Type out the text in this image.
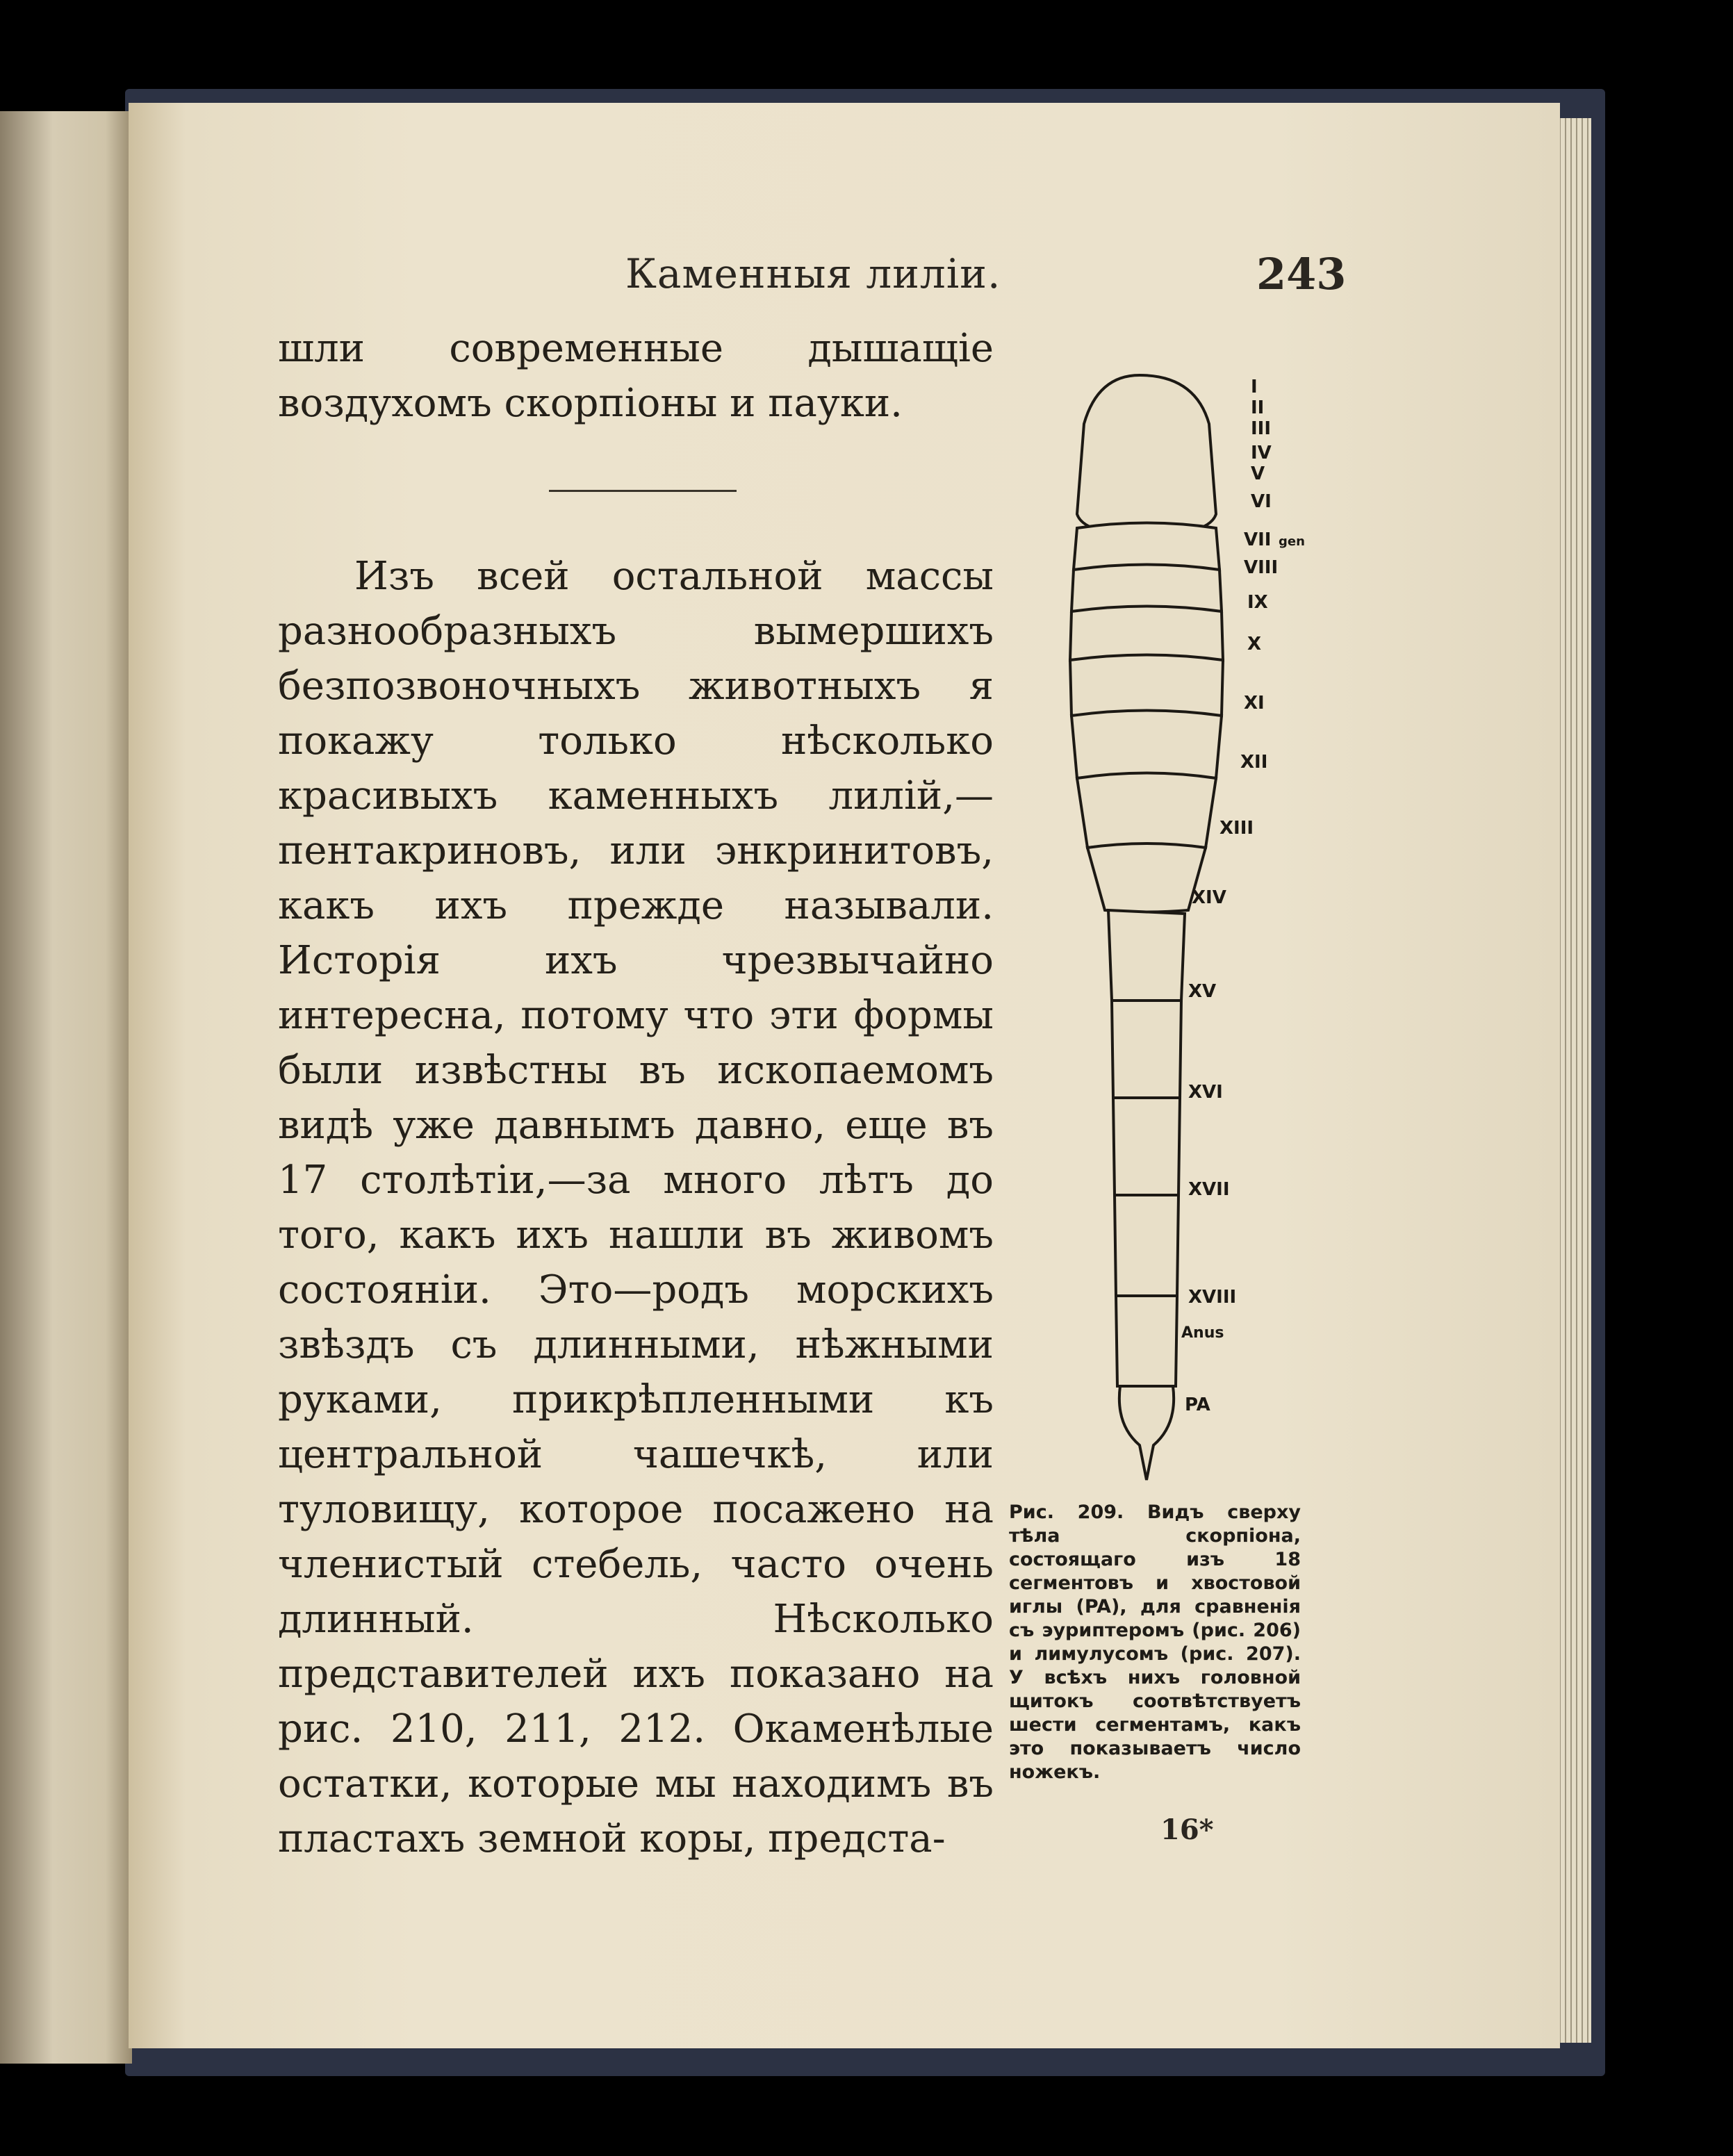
Каменныя лиліи.	243

шли современные дышащіе воздухомъ скорпіоны и пауки.

Изъ всей остальной массы разнообразныхъ вымершихъ безпозвоночныхъ животныхъ я покажу только нѣсколько красивыхъ каменныхъ лилій,—пентакриновъ, или энкринитовъ, какъ ихъ прежде называли. Исторія ихъ чрезвычайно интересна, потому что эти формы были извѣстны въ ископаемомъ видѣ уже давнымъ давно, еще въ 17 столѣтіи,—за много лѣтъ до того, какъ ихъ нашли въ живомъ состояніи. Это—родъ морскихъ звѣздъ съ длинными, нѣжными руками, прикрѣпленными къ центральной чашечкѣ, или туловищу, которое посажено на членистый стебель, часто очень длинный. Нѣсколько представителей ихъ показано на рис. 210, 211, 212. Окаменѣлые остатки, которые мы находимъ въ пластахъ земной коры, предста-

I
II
III
IV
V
VI
VII gen
VIII
IX
X
XI
XII
XIII
XIV
XV
XVI
XVII
XVIII
Anus
PA
Рис. 209. Видъ сверху тѣла скорпіона, состоящаго изъ 18 сегментовъ и хвостовой иглы (PA), для сравненія съ эуриптеромъ (рис. 206) и лимулусомъ (рис. 207). У всѣхъ нихъ головной щитокъ соотвѣтствуетъ шести сегментамъ, какъ это показываетъ число ножекъ.
16*
